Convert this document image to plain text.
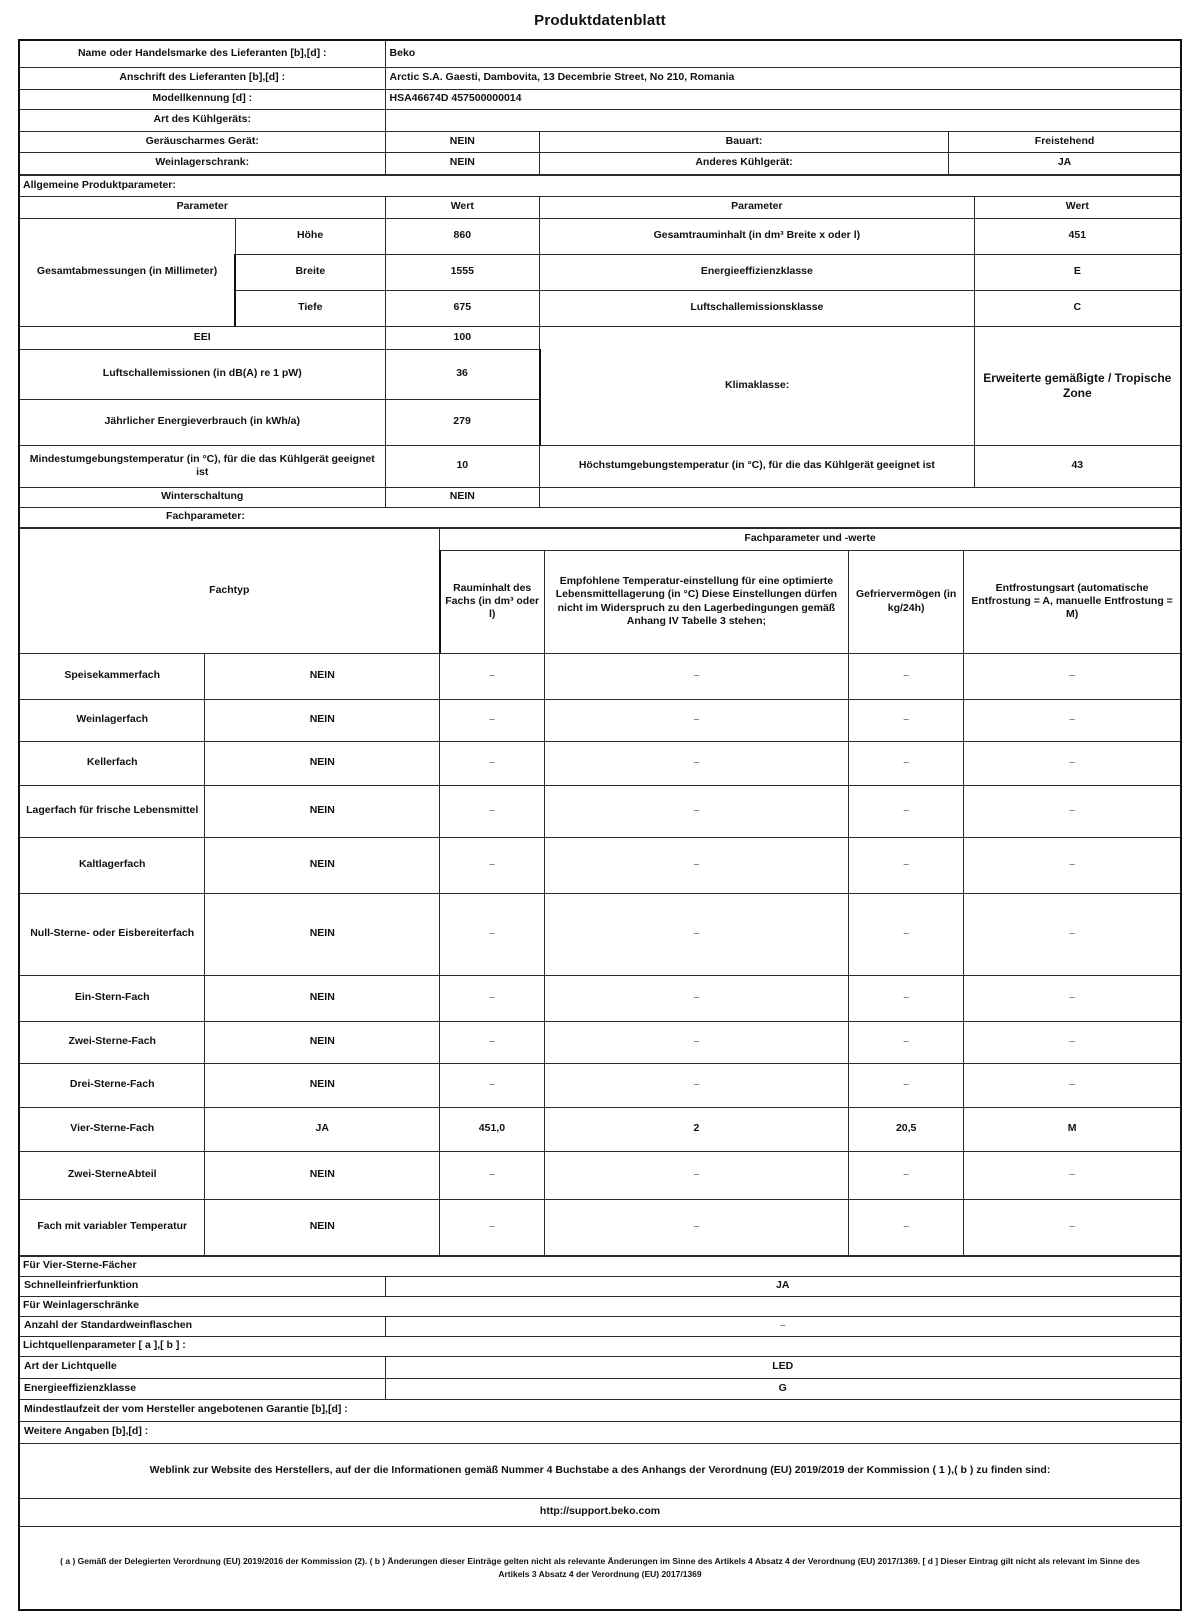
Produktdatenblatt
Name oder Handelsmarke des Lieferanten [b],[d] :	Beko		
Anschrift des Lieferanten [b],[d] :	Arctic S.A. Gaesti, Dambovita, 13 Decembrie Street, No 210, Romania		
Modellkennung [d] :	HSA46674D 457500000014		
Art des Kühlgeräts:			
Geräuscharmes Gerät:	NEIN	Bauart:	Freistehend
Weinlagerschrank:	NEIN	Anderes Kühlgerät:	JA
Allgemeine Produktparameter:				
Parameter		Wert	Parameter	Wert
Gesamtabmessungen (in Millimeter)	Höhe	860	Gesamtrauminhalt (in dm³ Breite x oder l)	451
	Breite	1555	Energieeffizienzklasse	E
	Tiefe	675	Luftschallemissionsklasse	C
EEI		100	Klimaklasse:	Erweiterte gemäßigte / Tropische Zone
Luftschallemissionen (in dB(A) re 1 pW)		36		
Jährlicher Energieverbrauch (in kWh/a)		279		
Mindestumgebungstemperatur (in °C), für die das Kühlgerät geeignet ist		10	Höchstumgebungstemperatur (in °C), für die das Kühlgerät geeignet ist	43
Winterschaltung		NEIN		
Fachparameter:				
Fachtyp		Fachparameter und -werte			
		Rauminhalt des Fachs (in dm³ oder l)	Empfohlene Temperatur-einstellung für eine optimierte Lebensmittellagerung (in °C) Diese Einstellungen dürfen nicht im Widerspruch zu den Lagerbedingungen gemäß Anhang IV Tabelle 3 stehen;	Gefriervermögen (in kg/24h)	Entfrostungsart (automatische Entfrostung = A, manuelle Entfrostung = M)
Speisekammerfach	NEIN	–	–	–	–
Weinlagerfach	NEIN	–	–	–	–
Kellerfach	NEIN	–	–	–	–
Lagerfach für frische Lebensmittel	NEIN	–	–	–	–
Kaltlagerfach	NEIN	–	–	–	–
Null-Sterne- oder Eisbereiterfach	NEIN	–	–	–	–
Ein-Stern-Fach	NEIN	–	–	–	–
Zwei-Sterne-Fach	NEIN	–	–	–	–
Drei-Sterne-Fach	NEIN	–	–	–	–
Vier-Sterne-Fach	JA	451,0	2	20,5	M
Zwei-SterneAbteil	NEIN	–	–	–	–
Fach mit variabler Temperatur	NEIN	–	–	–	–
Für Vier-Sterne-Fächer	
Schnelleinfrierfunktion	JA
Für Weinlagerschränke	
Anzahl der Standardweinflaschen	–
Lichtquellenparameter [ a ],[ b ] :	
Art der Lichtquelle	LED
Energieeffizienzklasse	G
Mindestlaufzeit der vom Hersteller angebotenen Garantie [b],[d] :	
Weitere Angaben [b],[d] :	
Weblink zur Website des Herstellers, auf der die Informationen gemäß Nummer 4 Buchstabe a des Anhangs der Verordnung (EU) 2019/2019 der Kommission ( 1 ),( b ) zu finden sind:	
http://support.beko.com	
( a ) Gemäß der Delegierten Verordnung (EU) 2019/2016 der Kommission (2). ( b ) Änderungen dieser Einträge gelten nicht als relevante Änderungen im Sinne des Artikels 4 Absatz 4 der Verordnung (EU) 2017/1369. [ d ] Dieser Eintrag gilt nicht als relevant im Sinne des Artikels 3 Absatz 4 der Verordnung (EU) 2017/1369	
